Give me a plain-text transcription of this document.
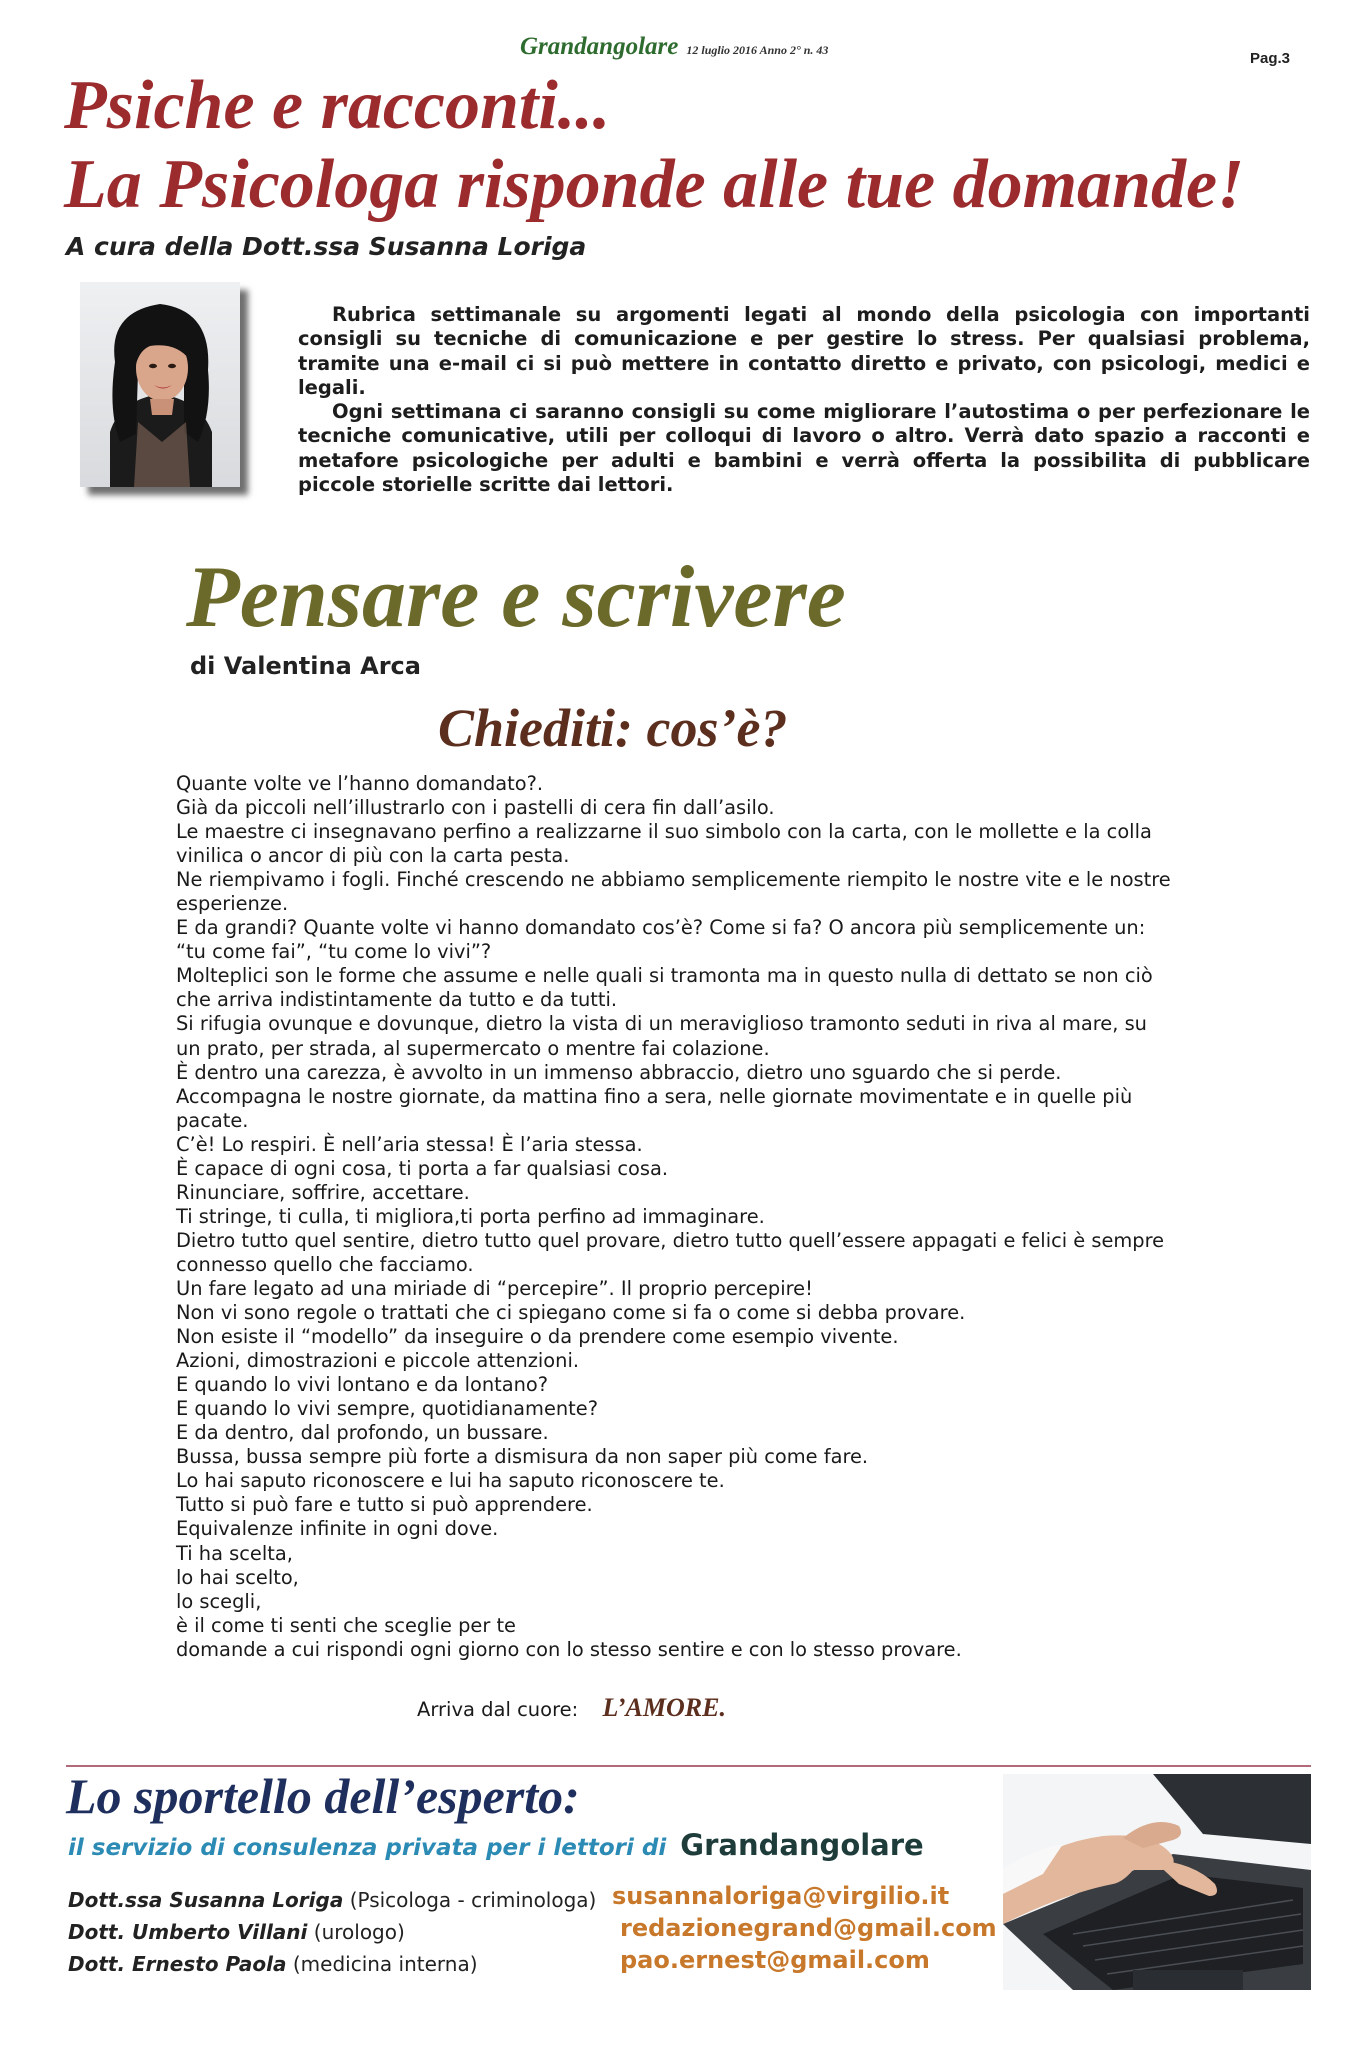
Grandangolare 12 luglio 2016 Anno 2° n. 43	Pag.3
Psiche e racconti...
La Psicologa risponde alle tue domande!
A cura della Dott.ssa Susanna Loriga

Rubrica settimanale su argomenti legati al mondo della psicologia con importanti consigli su tecniche di comunicazione e per gestire lo stress. Per qualsiasi problema, tramite una e-mail ci si può mettere in contatto diretto e privato, con psicologi, medici e legali.

Ogni settimana ci saranno consigli su come migliorare l’autostima o per perfezionare le tecniche comunicative, utili per colloqui di lavoro o altro. Verrà dato spazio a racconti e metafore psicologiche per adulti e bambini e verrà offerta la possibilita di pubblicare piccole storielle scritte dai lettori.

Pensare e scrivere
di Valentina Arca
Chiediti: cos’è?
Quante volte ve l’hanno domandato?.
Già da piccoli nell’illustrarlo con i pastelli di cera fin dall’asilo.
Le maestre ci insegnavano perfino a realizzarne il suo simbolo con la carta, con le mollette e la colla
vinilica o ancor di più con la carta pesta.
Ne riempivamo i fogli. Finché crescendo ne abbiamo semplicemente riempito le nostre vite e le nostre
esperienze.
E da grandi? Quante volte vi hanno domandato cos’è? Come si fa? O ancora più semplicemente un:
“tu come fai”, “tu come lo vivi”?
Molteplici son le forme che assume e nelle quali si tramonta ma in questo nulla di dettato se non ciò
che arriva indistintamente da tutto e da tutti.
Si rifugia ovunque e dovunque, dietro la vista di un meraviglioso tramonto seduti in riva al mare, su
un prato, per strada, al supermercato o mentre fai colazione.
È dentro una carezza, è avvolto in un immenso abbraccio, dietro uno sguardo che si perde.
Accompagna le nostre giornate, da mattina fino a sera, nelle giornate movimentate e in quelle più
pacate.
C’è! Lo respiri. È nell’aria stessa! È l’aria stessa.
È capace di ogni cosa, ti porta a far qualsiasi cosa.
Rinunciare, soffrire, accettare.
Ti stringe, ti culla, ti migliora,ti porta perfino ad immaginare.
Dietro tutto quel sentire, dietro tutto quel provare, dietro tutto quell’essere appagati e felici è sempre
connesso quello che facciamo.
Un fare legato ad una miriade di “percepire”. Il proprio percepire!
Non vi sono regole o trattati che ci spiegano come si fa o come si debba provare.
Non esiste il “modello” da inseguire o da prendere come esempio vivente.
Azioni, dimostrazioni e piccole attenzioni.
E quando lo vivi lontano e da lontano?
E quando lo vivi sempre, quotidianamente?
E da dentro, dal profondo, un bussare.
Bussa, bussa sempre più forte a dismisura da non saper più come fare.
Lo hai saputo riconoscere e lui ha saputo riconoscere te.
Tutto si può fare e tutto si può apprendere.
Equivalenze infinite in ogni dove.
Ti ha scelta,
lo hai scelto,
lo scegli,
è il come ti senti che sceglie per te
domande a cui rispondi ogni giorno con lo stesso sentire e con lo stesso provare.
Arriva dal cuore: L’AMORE.
Lo sportello dell’esperto:
il servizio di consulenza privata per i lettori di Grandangolare
Dott.ssa Susanna Loriga (Psicologa - criminologa)
Dott. Umberto Villani (urologo)
Dott. Ernesto Paola (medicina interna)
susannaloriga@virgilio.it
redazionegrand@gmail.com
pao.ernest@gmail.com
